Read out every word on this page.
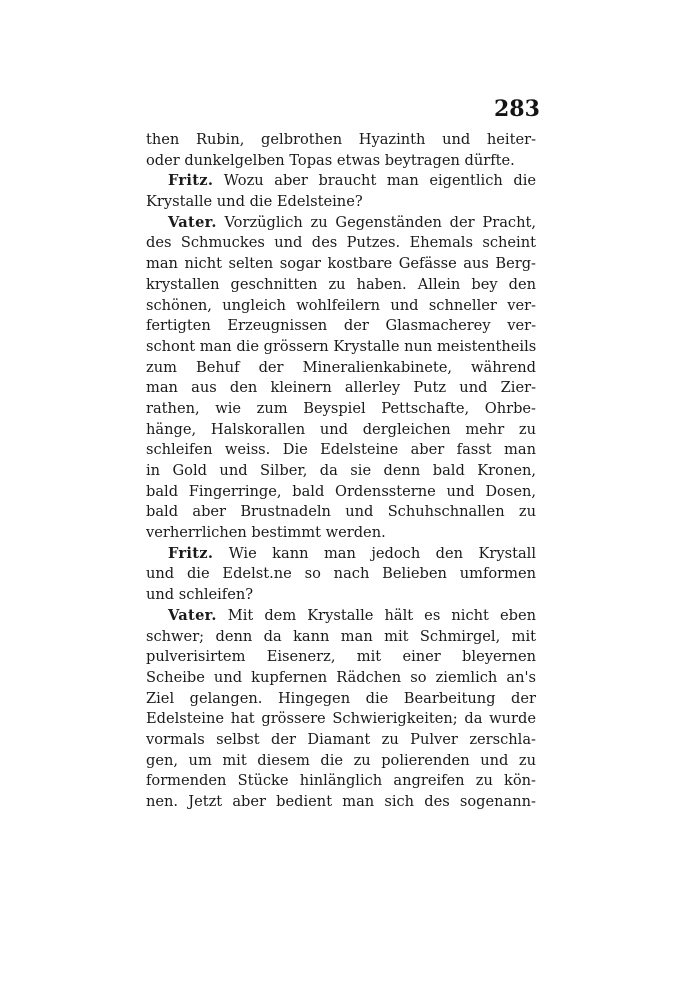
283
then Rubin, gelbrothen Hyazinth und heiter-
oder dunkelgelben Topas etwas beytragen dürfte.
Fritz. Wozu aber braucht man eigentlich die
Krystalle und die Edelsteine?
Vater. Vorzüglich zu Gegenständen der Pracht,
des Schmuckes und des Putzes. Ehemals scheint
man nicht selten sogar kostbare Gefässe aus Berg-
krystallen geschnitten zu haben. Allein bey den
schönen, ungleich wohlfeilern und schneller ver-
fertigten Erzeugnissen der Glasmacherey ver-
schont man die grössern Krystalle nun meistentheils
zum Behuf der Mineralienkabinete, während
man aus den kleinern allerley Putz und Zier-
rathen, wie zum Beyspiel Pettschafte, Ohrbe-
hänge, Halskorallen und dergleichen mehr zu
schleifen weiss. Die Edelsteine aber fasst man
in Gold und Silber, da sie denn bald Kronen,
bald Fingerringe, bald Ordenssterne und Dosen,
bald aber Brustnadeln und Schuhschnallen zu
verherrlichen bestimmt werden.
Fritz. Wie kann man jedoch den Krystall
und die Edelst.ne so nach Belieben umformen
und schleifen?
Vater. Mit dem Krystalle hält es nicht eben
schwer; denn da kann man mit Schmirgel, mit
pulverisirtem Eisenerz, mit einer bleyernen
Scheibe und kupfernen Rädchen so ziemlich an's
Ziel gelangen. Hingegen die Bearbeitung der
Edelsteine hat grössere Schwierigkeiten; da wurde
vormals selbst der Diamant zu Pulver zerschla-
gen, um mit diesem die zu polierenden und zu
formenden Stücke hinlänglich angreifen zu kön-
nen. Jetzt aber bedient man sich des sogenann-
